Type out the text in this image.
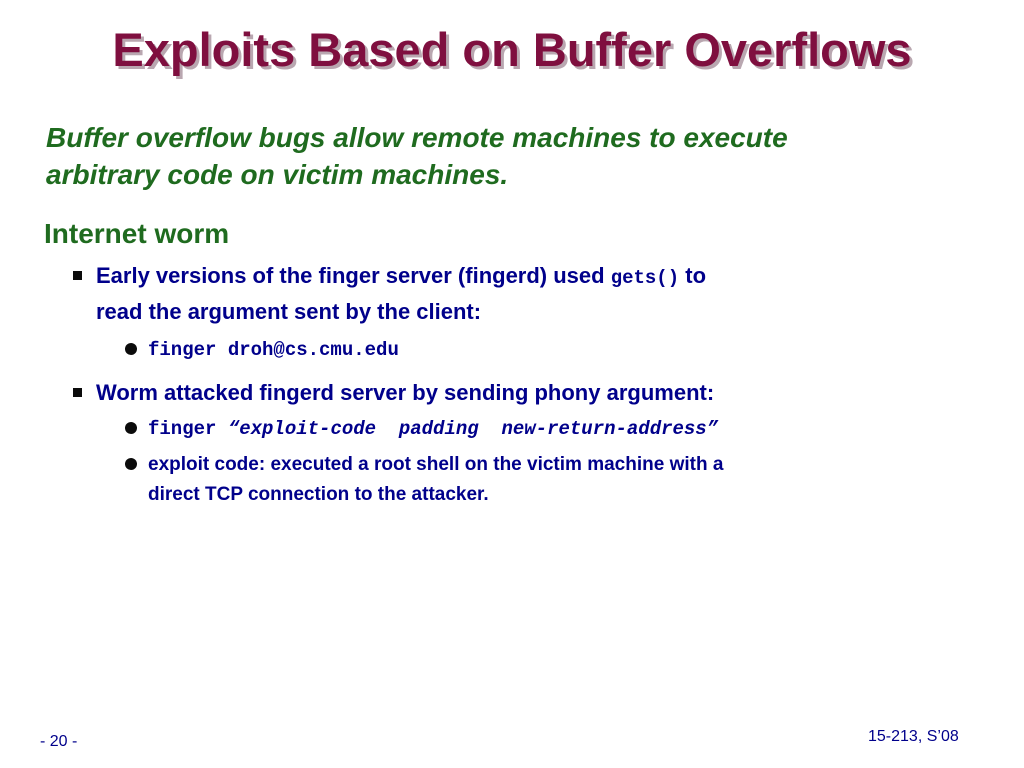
Exploits Based on Buffer Overflows
Buffer overflow bugs allow remote machines to execute
arbitrary code on victim machines.
Internet worm
Early versions of the finger server (fingerd) used gets() to
read the argument sent by the client:
finger droh@cs.cmu.edu
Worm attacked fingerd server by sending phony argument:
finger “exploit-code  padding  new-return-address”
exploit code: executed a root shell on the victim machine with a
direct TCP connection to the attacker.
- 20 -	15-213, S’08
